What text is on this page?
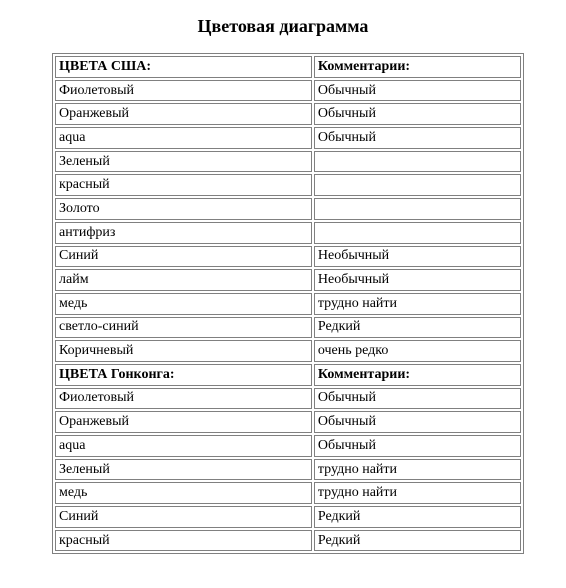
Цветовая диаграмма
ЦВЕТА США:	Комментарии:
Фиолетовый	Обычный
Оранжевый	Обычный
aqua	Обычный
Зеленый	
красный	
Золото	
антифриз	
Синий	Необычный
лайм	Необычный
медь	трудно найти
светло-синий	Редкий
Коричневый	очень редко
ЦВЕТА Гонконга:	Комментарии:
Фиолетовый	Обычный
Оранжевый	Обычный
aqua	Обычный
Зеленый	трудно найти
медь	трудно найти
Синий	Редкий
красный	Редкий
